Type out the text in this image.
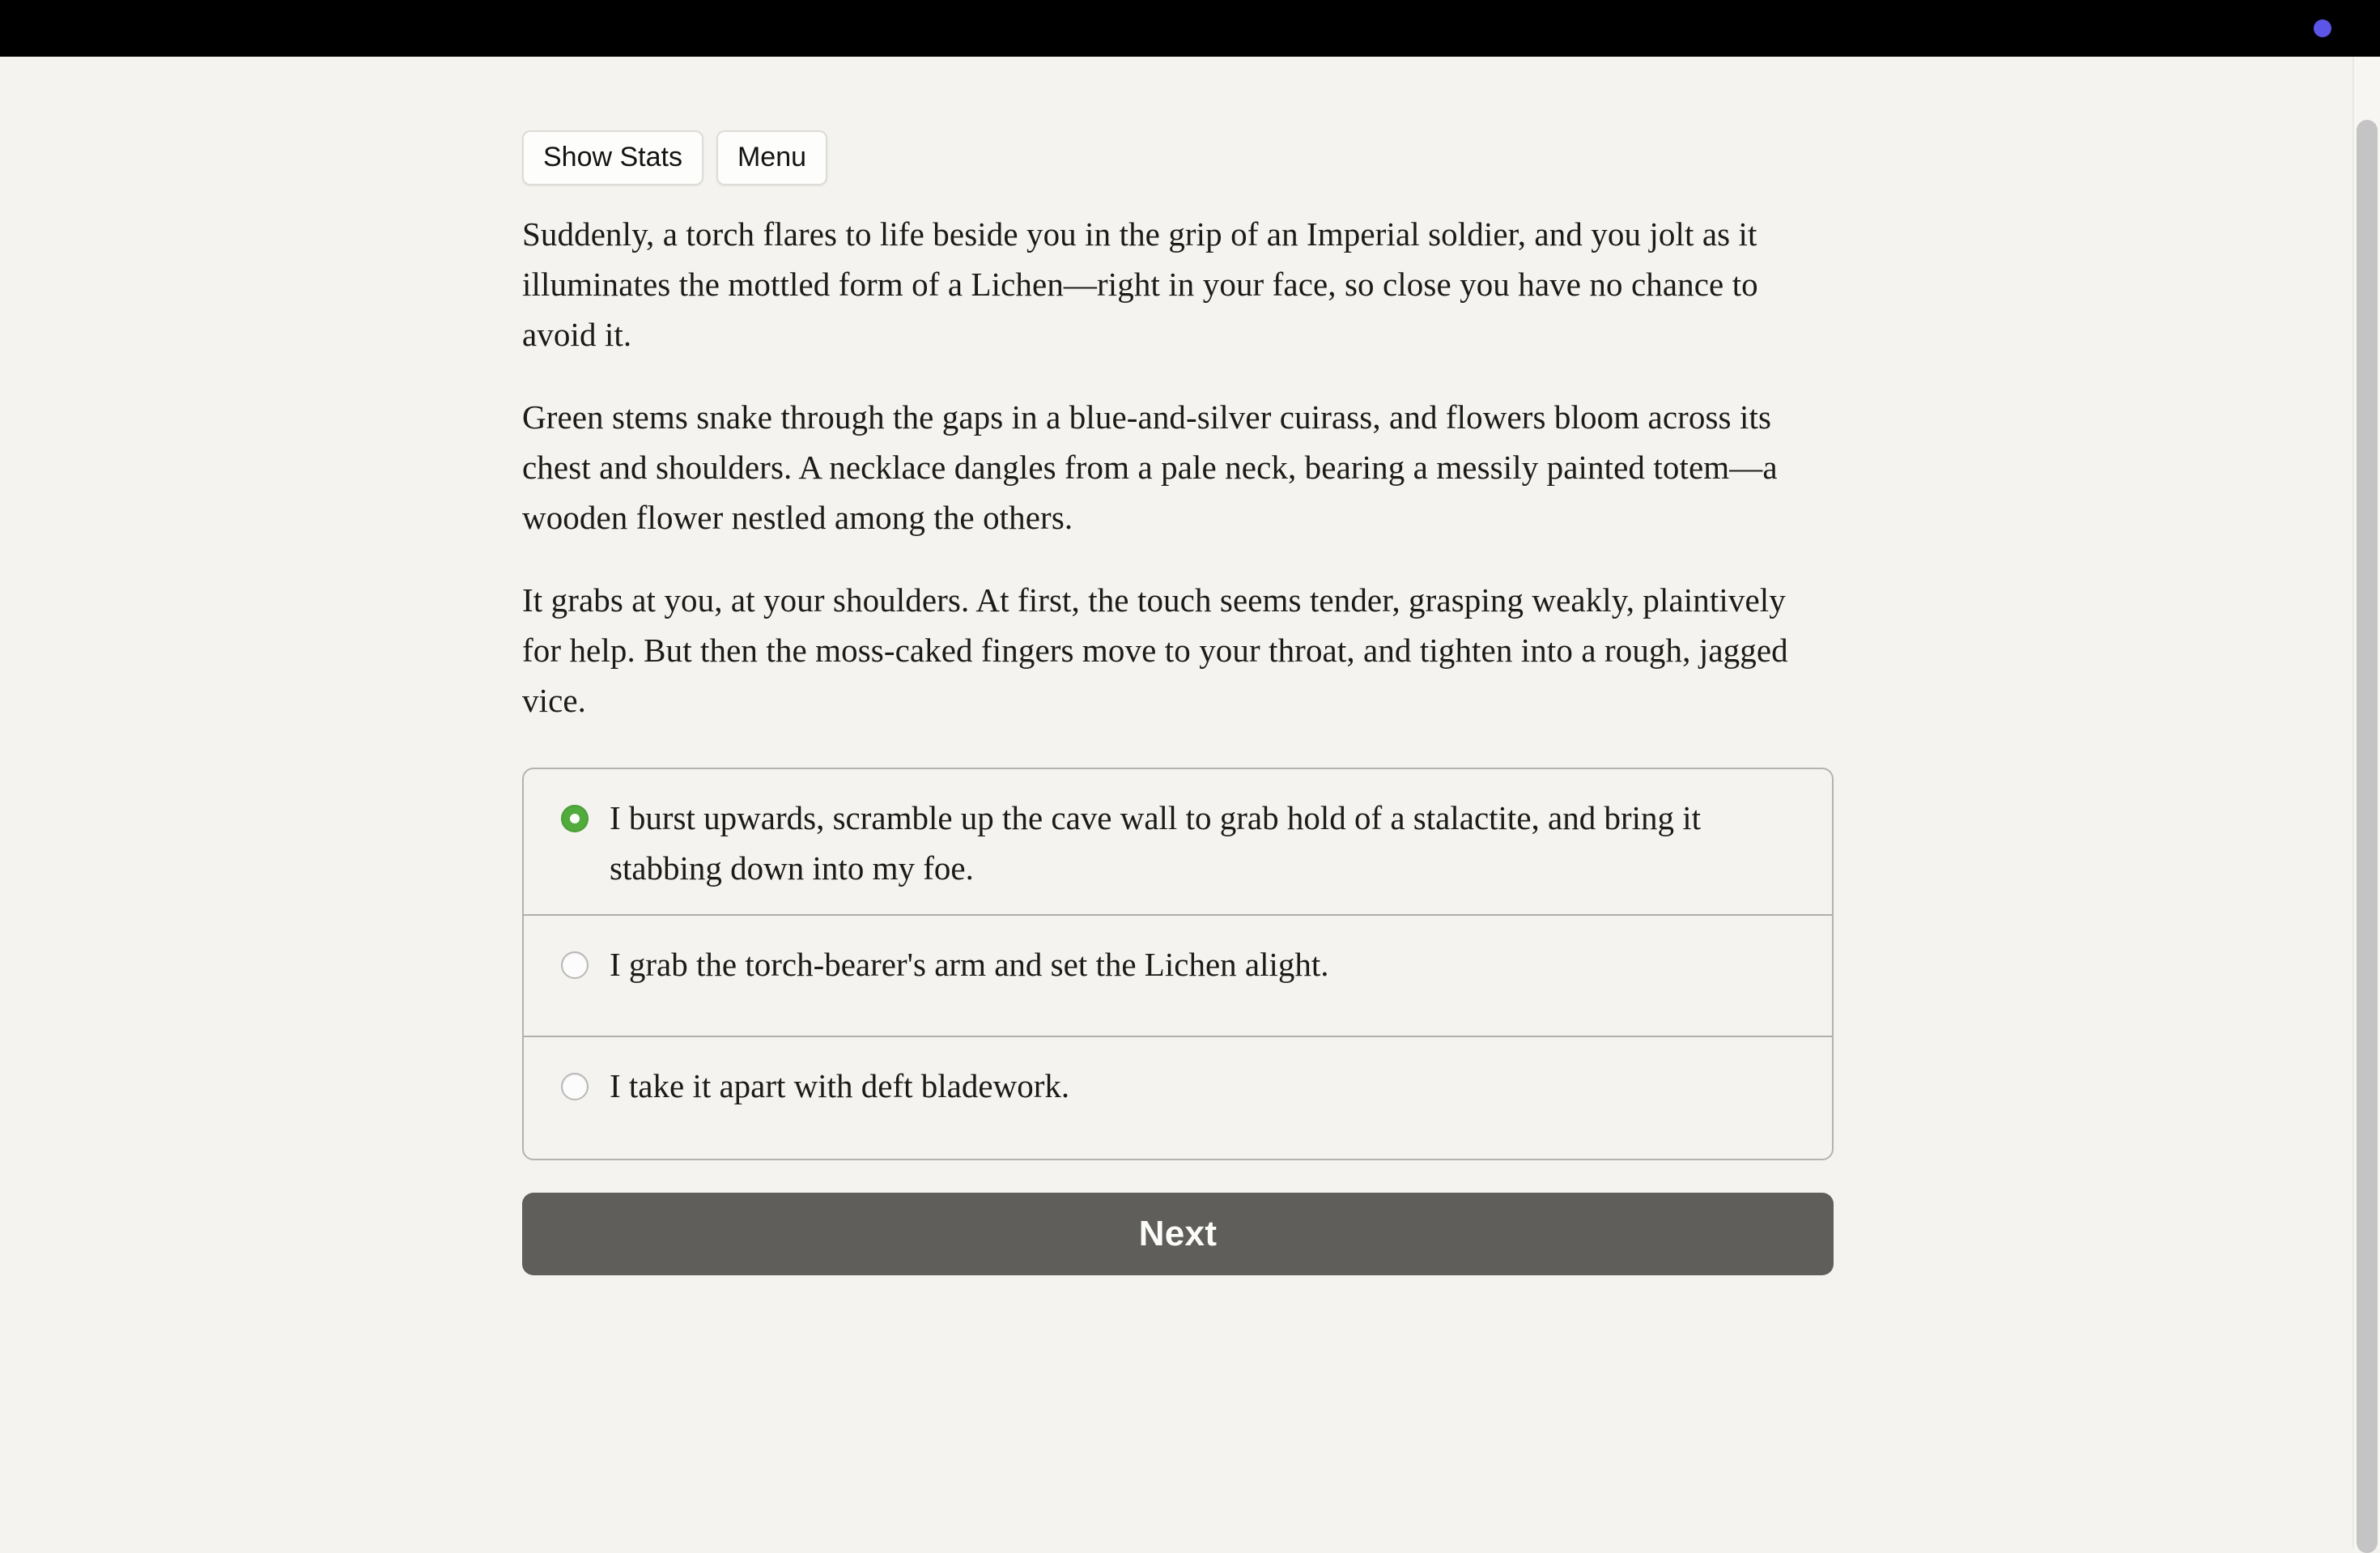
Show Stats	Menu

Suddenly, a torch flares to life beside you in the grip of an Imperial soldier, and you jolt as it illuminates the mottled form of a Lichen—right in your face, so close you have no chance to avoid it.

Green stems snake through the gaps in a blue-and-silver cuirass, and flowers bloom across its chest and shoulders. A necklace dangles from a pale neck, bearing a messily painted totem—a wooden flower nestled among the others.

It grabs at you, at your shoulders. At first, the touch seems tender, grasping weakly, plaintively for help. But then the moss-caked fingers move to your throat, and tighten into a rough, jagged vice.

I burst upwards, scramble up the cave wall to grab hold of a stalactite, and bring it stabbing down into my foe.
I grab the torch-bearer's arm and set the Lichen alight.
I take it apart with deft bladework.
Next
